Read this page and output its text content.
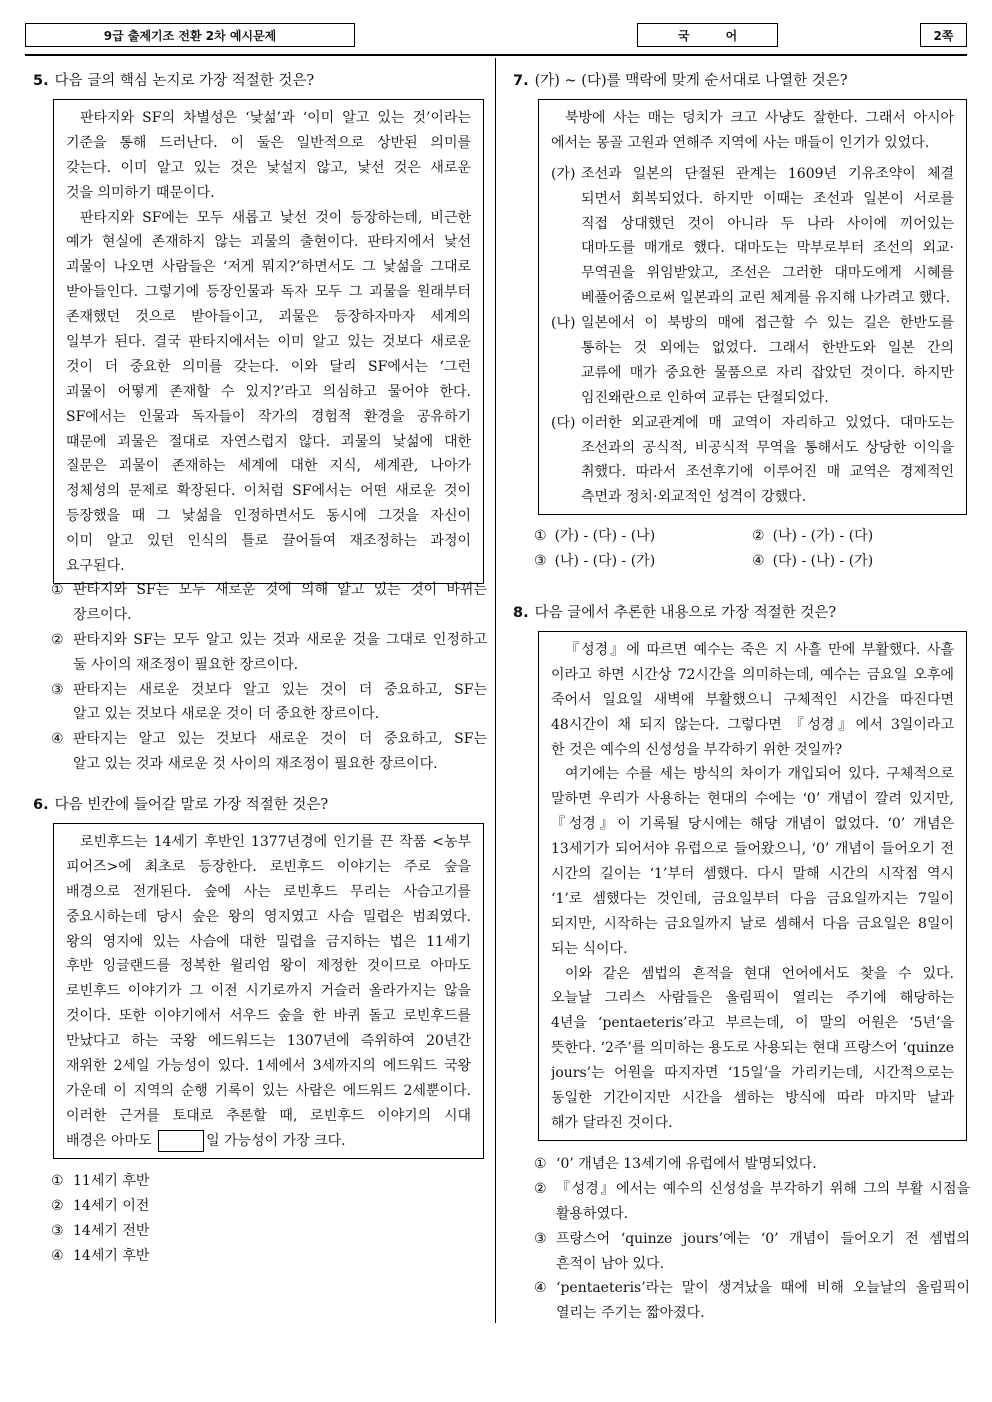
9급 출제기조 전환 2차 예시문제	국 어	2쪽
5. 다음 글의 핵심 논지로 가장 적절한 것은?
판타지와 SF의 차별성은 ‘낯섦’과 ‘이미 알고 있는 것’이라는
기준을 통해 드러난다. 이 둘은 일반적으로 상반된 의미를
갖는다. 이미 알고 있는 것은 낯설지 않고, 낯선 것은 새로운
것을 의미하기 때문이다.
판타지와 SF에는 모두 새롭고 낯선 것이 등장하는데, 비근한
예가 현실에 존재하지 않는 괴물의 출현이다. 판타지에서 낯선
괴물이 나오면 사람들은 ‘저게 뭐지?’하면서도 그 낯섦을 그대로
받아들인다. 그렇기에 등장인물과 독자 모두 그 괴물을 원래부터
존재했던 것으로 받아들이고, 괴물은 등장하자마자 세계의
일부가 된다. 결국 판타지에서는 이미 알고 있는 것보다 새로운
것이 더 중요한 의미를 갖는다. 이와 달리 SF에서는 ‘그런
괴물이 어떻게 존재할 수 있지?’라고 의심하고 물어야 한다.
SF에서는 인물과 독자들이 작가의 경험적 환경을 공유하기
때문에 괴물은 절대로 자연스럽지 않다. 괴물의 낯섦에 대한
질문은 괴물이 존재하는 세계에 대한 지식, 세계관, 나아가
정체성의 문제로 확장된다. 이처럼 SF에서는 어떤 새로운 것이
등장했을 때 그 낯섦을 인정하면서도 동시에 그것을 자신이
이미 알고 있던 인식의 틀로 끌어들여 재조정하는 과정이
요구된다.
① 판타지와 SF는 모두 새로운 것에 의해 알고 있는 것이 바뀌는
장르이다.
② 판타지와 SF는 모두 알고 있는 것과 새로운 것을 그대로 인정하고
둘 사이의 재조정이 필요한 장르이다.
③ 판타지는 새로운 것보다 알고 있는 것이 더 중요하고, SF는
알고 있는 것보다 새로운 것이 더 중요한 장르이다.
④ 판타지는 알고 있는 것보다 새로운 것이 더 중요하고, SF는
알고 있는 것과 새로운 것 사이의 재조정이 필요한 장르이다.
6. 다음 빈칸에 들어갈 말로 가장 적절한 것은?
로빈후드는 14세기 후반인 1377년경에 인기를 끈 작품 <농부
피어즈>에 최초로 등장한다. 로빈후드 이야기는 주로 숲을
배경으로 전개된다. 숲에 사는 로빈후드 무리는 사슴고기를
중요시하는데 당시 숲은 왕의 영지였고 사슴 밀렵은 범죄였다.
왕의 영지에 있는 사슴에 대한 밀렵을 금지하는 법은 11세기
후반 잉글랜드를 정복한 윌리엄 왕이 제정한 것이므로 아마도
로빈후드 이야기가 그 이전 시기로까지 거슬러 올라가지는 않을
것이다. 또한 이야기에서 서우드 숲을 한 바퀴 돌고 로빈후드를
만났다고 하는 국왕 에드워드는 1307년에 즉위하여 20년간
재위한 2세일 가능성이 있다. 1세에서 3세까지의 에드워드 국왕
가운데 이 지역의 순행 기록이 있는 사람은 에드워드 2세뿐이다.
이러한 근거를 토대로 추론할 때, 로빈후드 이야기의 시대
배경은 아마도	일 가능성이 가장 크다.
① 11세기 후반
② 14세기 이전
③ 14세기 전반
④ 14세기 후반
7. (가) ~ (다)를 맥락에 맞게 순서대로 나열한 것은?
북방에 사는 매는 덩치가 크고 사냥도 잘한다. 그래서 아시아
에서는 몽골 고원과 연해주 지역에 사는 매들이 인기가 있었다.
(가) 조선과 일본의 단절된 관계는 1609년 기유조약이 체결
되면서 회복되었다. 하지만 이때는 조선과 일본이 서로를
직접 상대했던 것이 아니라 두 나라 사이에 끼어있는
대마도를 매개로 했다. 대마도는 막부로부터 조선의 외교·
무역권을 위임받았고, 조선은 그러한 대마도에게 시혜를
베풀어줌으로써 일본과의 교린 체계를 유지해 나가려고 했다.
(나) 일본에서 이 북방의 매에 접근할 수 있는 길은 한반도를
통하는 것 외에는 없었다. 그래서 한반도와 일본 간의
교류에 매가 중요한 물품으로 자리 잡았던 것이다. 하지만
임진왜란으로 인하여 교류는 단절되었다.
(다) 이러한 외교관계에 매 교역이 자리하고 있었다. 대마도는
조선과의 공식적, 비공식적 무역을 통해서도 상당한 이익을
취했다. 따라서 조선후기에 이루어진 매 교역은 경제적인
측면과 정치·외교적인 성격이 강했다.
① (가) - (다) - (나)	② (나) - (가) - (다)
③ (나) - (다) - (가)	④ (다) - (나) - (가)
8. 다음 글에서 추론한 내용으로 가장 적절한 것은?
『성경』에 따르면 예수는 죽은 지 사흘 만에 부활했다. 사흘
이라고 하면 시간상 72시간을 의미하는데, 예수는 금요일 오후에
죽어서 일요일 새벽에 부활했으니 구체적인 시간을 따진다면
48시간이 채 되지 않는다. 그렇다면 『성경』에서 3일이라고
한 것은 예수의 신성성을 부각하기 위한 것일까?
여기에는 수를 세는 방식의 차이가 개입되어 있다. 구체적으로
말하면 우리가 사용하는 현대의 수에는 ‘0’ 개념이 깔려 있지만,
『성경』이 기록될 당시에는 해당 개념이 없었다. ‘0’ 개념은
13세기가 되어서야 유럽으로 들어왔으니, ‘0’ 개념이 들어오기 전
시간의 길이는 ‘1’부터 셈했다. 다시 말해 시간의 시작점 역시
‘1’로 셈했다는 것인데, 금요일부터 다음 금요일까지는 7일이
되지만, 시작하는 금요일까지 날로 셈해서 다음 금요일은 8일이
되는 식이다.
이와 같은 셈법의 흔적을 현대 언어에서도 찾을 수 있다.
오늘날 그리스 사람들은 올림픽이 열리는 주기에 해당하는
4년을 ‘pentaeteris’라고 부르는데, 이 말의 어원은 ‘5년’을
뜻한다. ‘2주’를 의미하는 용도로 사용되는 현대 프랑스어 ‘quinze
jours’는 어원을 따지자면 ‘15일’을 가리키는데, 시간적으로는
동일한 기간이지만 시간을 셈하는 방식에 따라 마지막 날과
해가 달라진 것이다.
① ‘0’ 개념은 13세기에 유럽에서 발명되었다.
② 『성경』에서는 예수의 신성성을 부각하기 위해 그의 부활 시점을
활용하였다.
③ 프랑스어 ‘quinze jours’에는 ‘0’ 개념이 들어오기 전 셈법의
흔적이 남아 있다.
④ ‘pentaeteris’라는 말이 생겨났을 때에 비해 오늘날의 올림픽이
열리는 주기는 짧아졌다.
